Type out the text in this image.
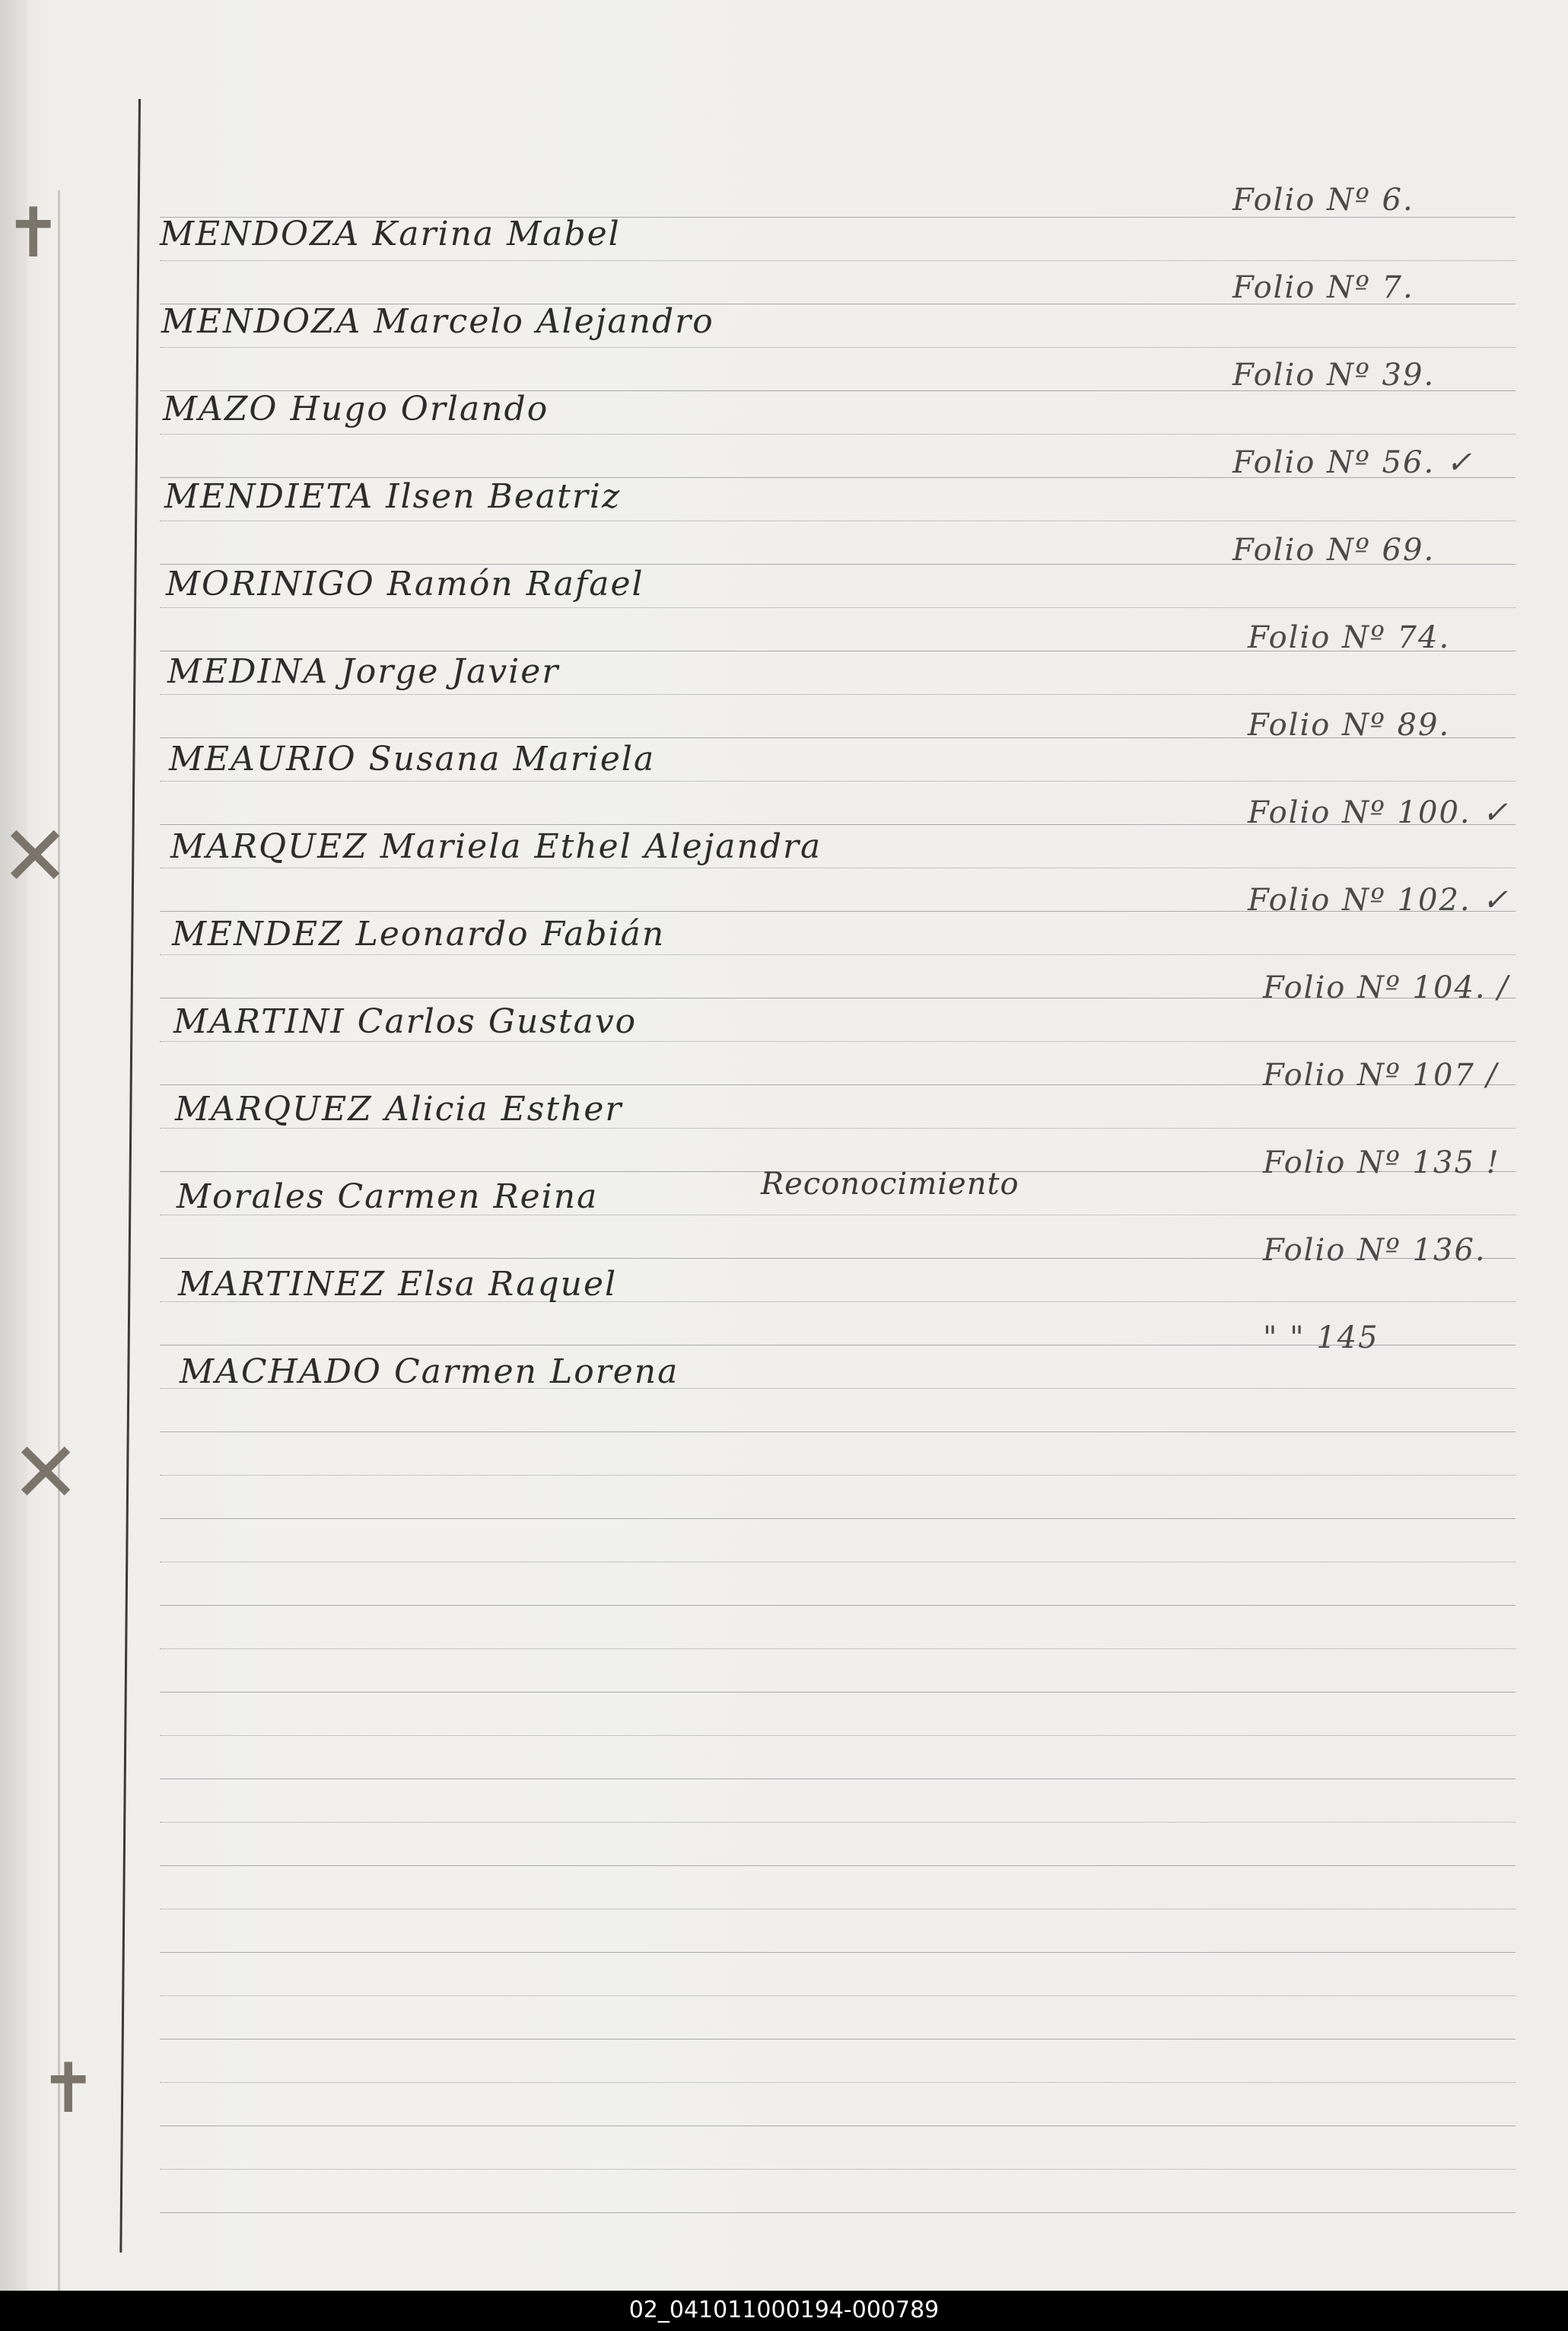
✝
✕
✕
✝
MENDOZA Karina Mabel
Folio Nº 6.
MENDOZA Marcelo Alejandro
Folio Nº 7.
MAZO Hugo Orlando
Folio Nº 39.
MENDIETA Ilsen Beatriz
Folio Nº 56. ✓
MORINIGO Ramón Rafael
Folio Nº 69.
MEDINA Jorge Javier
Folio Nº 74.
MEAURIO Susana Mariela
Folio Nº 89.
MARQUEZ Mariela Ethel Alejandra
Folio Nº 100. ✓
MENDEZ Leonardo Fabián
Folio Nº 102. ✓
MARTINI Carlos Gustavo
Folio Nº 104. /
MARQUEZ Alicia Esther
Folio Nº 107 /
Morales Carmen Reina	Reconocimiento
Folio Nº 135 !
MARTINEZ Elsa Raquel
Folio Nº 136.
MACHADO Carmen Lorena
" " 145
02_041011000194-000789
